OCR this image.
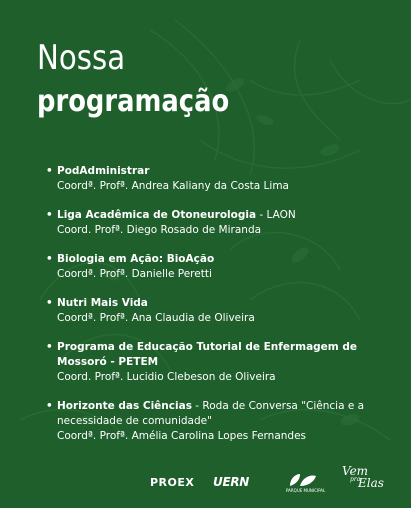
Nossa
programação
• PodAdministrar
Coordª. Profª. Andrea Kaliany da Costa Lima
• Liga Acadêmica de Otoneurologia - LAON
Coord. Profª. Diego Rosado de Miranda
• Biologia em Ação: BioAção
Coordª. Profª. Danielle Peretti
• Nutri Mais Vida
Coordª. Profª. Ana Claudia de Oliveira
• Programa de Educação Tutorial de Enfermagem de Mossoró - PETEM
Coord. Profª. Lucidio Clebeson de Oliveira
• Horizonte das Ciências - Roda de Conversa "Ciência e a necessidade de comunidade"
Coordª. Profª. Amélia Carolina Lopes Fernandes
PROEX UERN
PARQUE MUNICIPAL
Vem
pra
Elas
